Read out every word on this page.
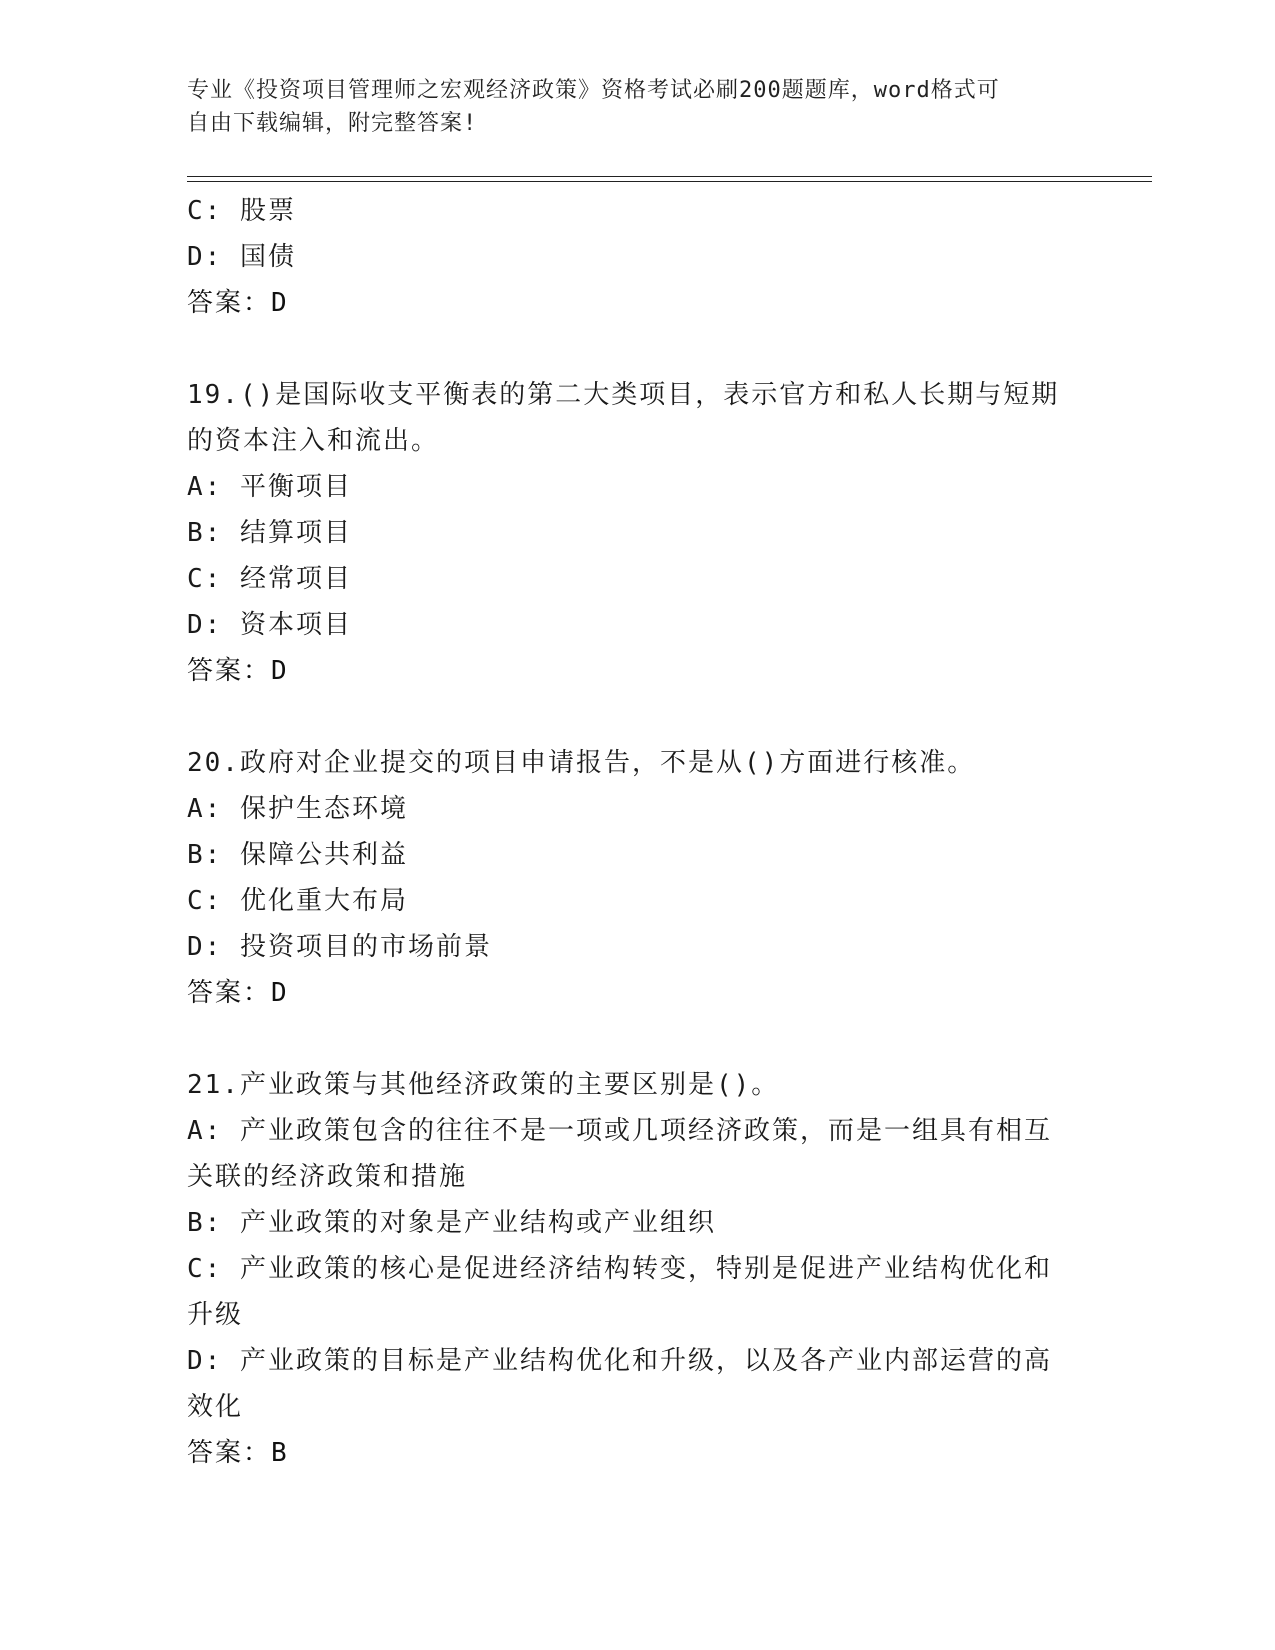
专业《投资项目管理师之宏观经济政策》资格考试必刷200题题库，word格式可
自由下载编辑，附完整答案!
C: 股票
D: 国债
答案：D
19.()是国际收支平衡表的第二大类项目，表示官方和私人长期与短期
的资本注入和流出。
A: 平衡项目
B: 结算项目
C: 经常项目
D: 资本项目
答案：D
20.政府对企业提交的项目申请报告，不是从()方面进行核准。
A: 保护生态环境
B: 保障公共利益
C: 优化重大布局
D: 投资项目的市场前景
答案：D
21.产业政策与其他经济政策的主要区别是()。
A: 产业政策包含的往往不是一项或几项经济政策，而是一组具有相互
关联的经济政策和措施
B: 产业政策的对象是产业结构或产业组织
C: 产业政策的核心是促进经济结构转变，特别是促进产业结构优化和
升级
D: 产业政策的目标是产业结构优化和升级，以及各产业内部运营的高
效化
答案：B
